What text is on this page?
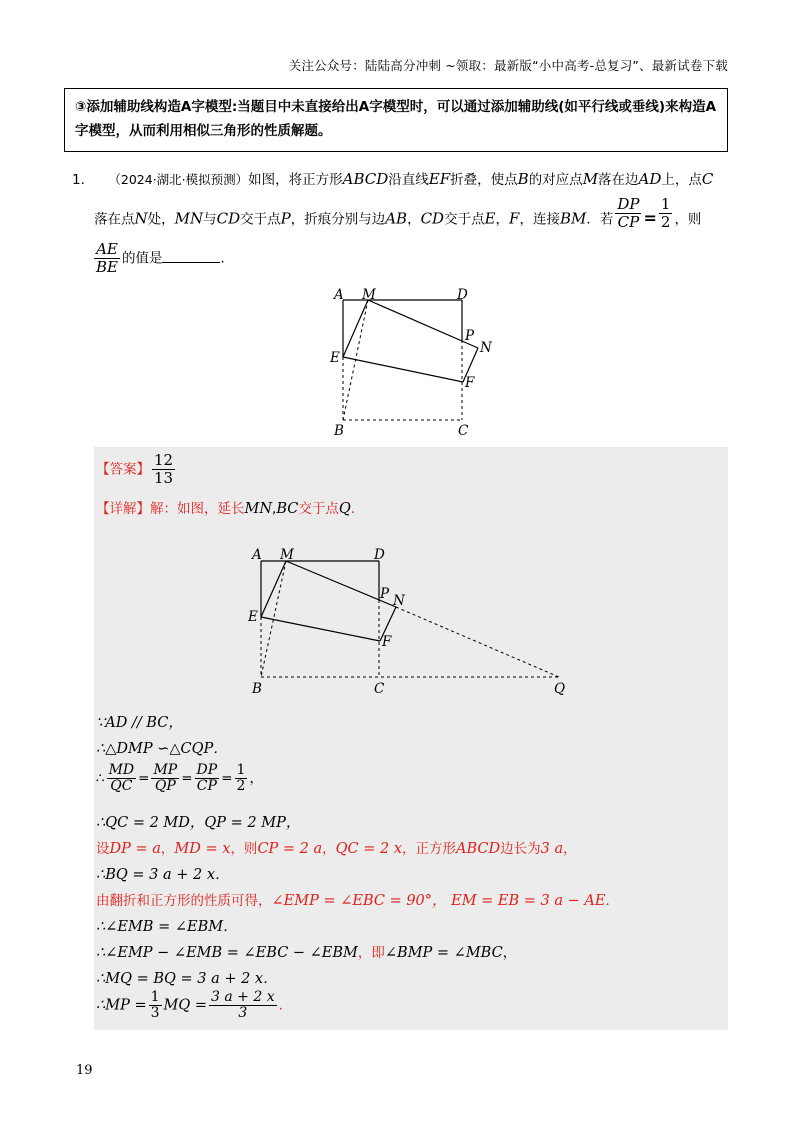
关注公众号：陆陆高分冲刺 ~领取：最新版“小中高考-总复习”、最新试卷下载
③添加辅助线构造A字模型:当题目中未直接给出A字模型时，可以通过添加辅助线(如平行线或垂线)来构造A字模型，从而利用相似三角形的性质解题。
1． （2024·湖北·模拟预测）如图，将正方形ABCD沿直线EF折叠，使点B的对应点M落在边AD上，点C
落在点N处，MN与CD交于点P，折痕分别与边AB，CD交于点E，F，连接BM．若 $\frac{DP}{CP} = \frac{1}{2}$ ，则
$\frac{AE}{BE}$ 的值是	.
A M	D
P
N
E
F
B	C
【答案】 $\frac{12}{13}$
【详解】解：如图，延长MN,BC交于点Q.
A M	D
P N
E
F
B	C	Q
∵AD // BC，
∴△DMP ∽△CQP．
∴ $\frac{MD}{QC} = \frac{MP}{QP} = \frac{DP}{CP} = \frac{1}{2}$ ，
∴QC = 2 MD，QP = 2 MP，
设DP = a，MD = x，则CP = 2 a，QC = 2 x，正方形ABCD边长为3 a，
∴BQ = 3 a + 2 x．
由翻折和正方形的性质可得，∠EMP = ∠EBC = 90°， EM = EB = 3 a − AE．
∴∠EMB = ∠EBM．
∴∠EMP − ∠EMB = ∠EBC − ∠EBM，即∠BMP = ∠MBC，
∴MQ = BQ = 3 a + 2 x．
∴MP = $\frac{1}{3}$ MQ = $\frac{3 a + 2 x}{3}$ .
19
